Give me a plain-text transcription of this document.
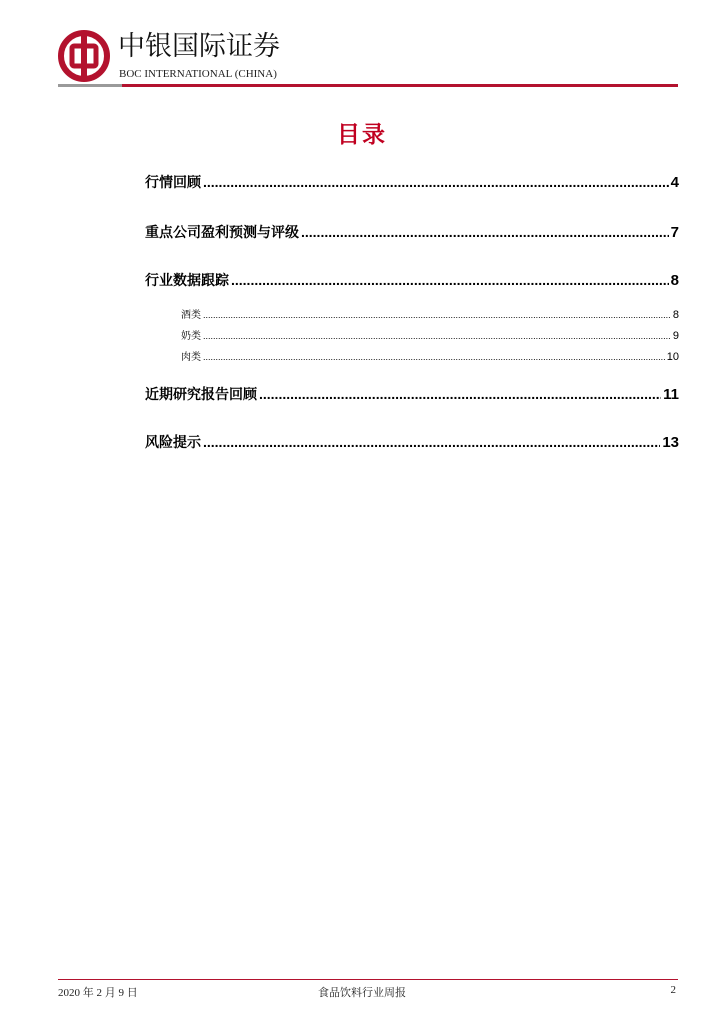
中银国际证券
BOC INTERNATIONAL (CHINA)
目录
行情回顾 .....	4
重点公司盈利预测与评级 .....	7
行业数据跟踪 .....	8
酒类 .....	8
奶类 .....	9
肉类 .....	10
近期研究报告回顾 .....	11
风险提示 .....	13
2020 年 2 月 9 日	食品饮料行业周报	2
